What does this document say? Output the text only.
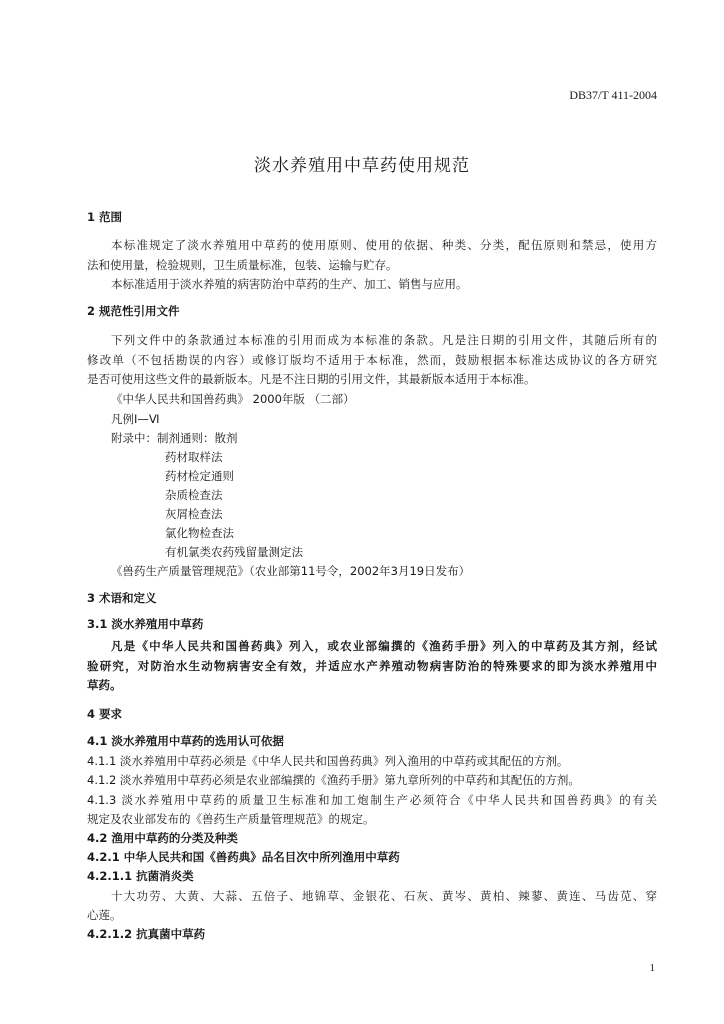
DB37/T 411-2004
淡水养殖用中草药使用规范
1 范围
本标准规定了淡水养殖用中草药的使用原则、使用的依据、种类、分类，配伍原则和禁忌，使用方
法和使用量，检验规则，卫生质量标准，包装、运输与贮存。
本标准适用于淡水养殖的病害防治中草药的生产、加工、销售与应用。
2 规范性引用文件
下列文件中的条款通过本标准的引用而成为本标准的条款。凡是注日期的引用文件，其随后所有的
修改单（不包括勘误的内容）或修订版均不适用于本标准，然而，鼓励根据本标准达成协议的各方研究
是否可使用这些文件的最新版本。凡是不注日期的引用文件，其最新版本适用于本标准。
《中华人民共和国兽药典》 2000年版 （二部）
凡例Ⅰ—Ⅵ
附录中：制剂通则：散剂
药材取样法
药材检定通则
杂质检查法
灰屑检查法
氯化物检查法
有机氯类农药残留量测定法
《兽药生产质量管理规范》（农业部第11号令，2002年3月19日发布）
3 术语和定义
3.1 淡水养殖用中草药
凡是《中华人民共和国兽药典》列入，或农业部编撰的《渔药手册》列入的中草药及其方剂，经试
验研究，对防治水生动物病害安全有效，并适应水产养殖动物病害防治的特殊要求的即为淡水养殖用中
草药。
4 要求
4.1 淡水养殖用中草药的选用认可依据
4.1.1 淡水养殖用中草药必须是《中华人民共和国兽药典》列入渔用的中草药或其配伍的方剂。
4.1.2 淡水养殖用中草药必须是农业部编撰的《渔药手册》第九章所列的中草药和其配伍的方剂。
4.1.3 淡水养殖用中草药的质量卫生标准和加工炮制生产必须符合《中华人民共和国兽药典》的有关
规定及农业部发布的《兽药生产质量管理规范》的规定。
4.2 渔用中草药的分类及种类
4.2.1 中华人民共和国《兽药典》品名目次中所列渔用中草药
4.2.1.1 抗菌消炎类
十大功劳、大黄、大蒜、五倍子、地锦草、金银花、石灰、黄岑、黄柏、辣蓼、黄连、马齿苋、穿
心莲。
4.2.1.2 抗真菌中草药
1
